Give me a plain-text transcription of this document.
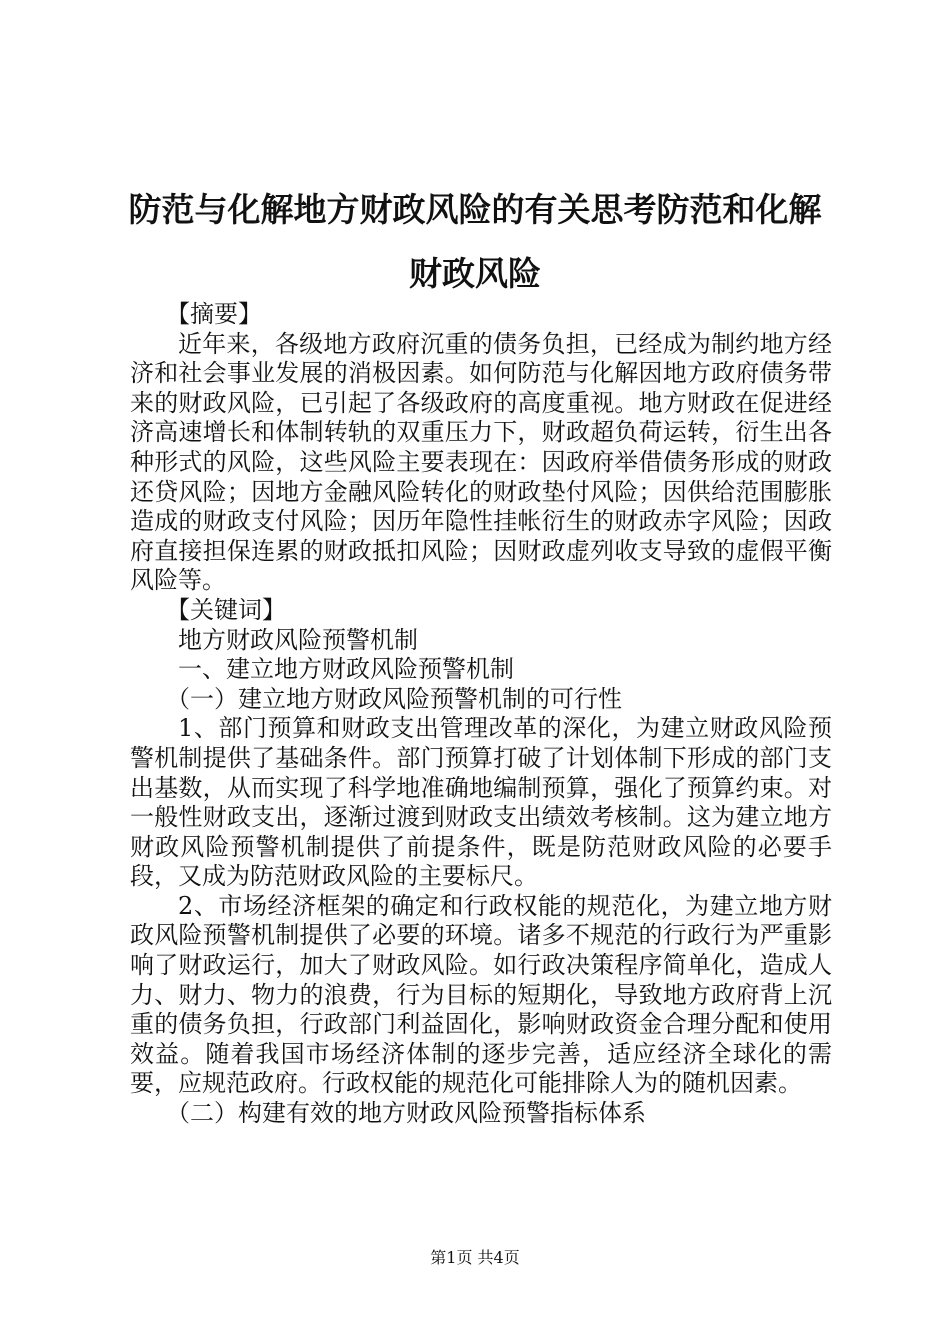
防范与化解地方财政风险的有关思考防范和化解财政风险

【摘要】

近年来，各级地方政府沉重的债务负担，已经成为制约地方经济和社会事业发展的消极因素。如何防范与化解因地方政府债务带来的财政风险，已引起了各级政府的高度重视。地方财政在促进经济高速增长和体制转轨的双重压力下，财政超负荷运转，衍生出各种形式的风险，这些风险主要表现在：因政府举借债务形成的财政还贷风险；因地方金融风险转化的财政垫付风险；因供给范围膨胀造成的财政支付风险；因历年隐性挂帐衍生的财政赤字风险；因政府直接担保连累的财政抵扣风险；因财政虚列收支导致的虚假平衡风险等。

【关键词】

地方财政风险预警机制

一、建立地方财政风险预警机制

（一）建立地方财政风险预警机制的可行性

1、部门预算和财政支出管理改革的深化，为建立财政风险预警机制提供了基础条件。部门预算打破了计划体制下形成的部门支出基数，从而实现了科学地准确地编制预算，强化了预算约束。对一般性财政支出，逐渐过渡到财政支出绩效考核制。这为建立地方财政风险预警机制提供了前提条件，既是防范财政风险的必要手段，又成为防范财政风险的主要标尺。

2、市场经济框架的确定和行政权能的规范化，为建立地方财政风险预警机制提供了必要的环境。诸多不规范的行政行为严重影响了财政运行，加大了财政风险。如行政决策程序简单化，造成人力、财力、物力的浪费，行为目标的短期化，导致地方政府背上沉重的债务负担，行政部门利益固化，影响财政资金合理分配和使用效益。随着我国市场经济体制的逐步完善，适应经济全球化的需要，应规范政府。行政权能的规范化可能排除人为的随机因素。

（二）构建有效的地方财政风险预警指标体系

第1页 共4页
